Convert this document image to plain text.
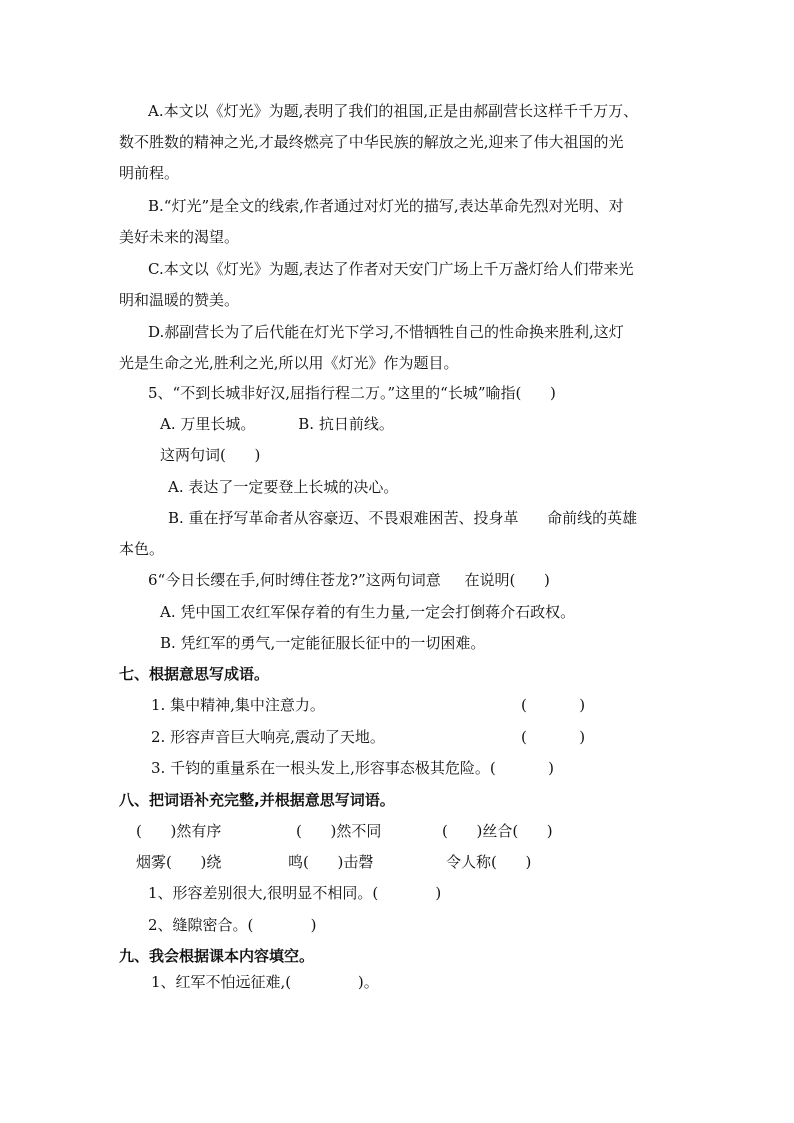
A.本文以《灯光》为题,表明了我们的祖国,正是由郝副营长这样千千万万、
数不胜数的精神之光,才最终燃亮了中华民族的解放之光,迎来了伟大祖国的光
明前程。
B.“灯光”是全文的线索,作者通过对灯光的描写,表达革命先烈对光明、对
美好未来的渴望。
C.本文以《灯光》为题,表达了作者对天安门广场上千万盏灯给人们带来光
明和温暖的赞美。
D.郝副营长为了后代能在灯光下学习,不惜牺牲自己的性命换来胜利,这灯
光是生命之光,胜利之光,所以用《灯光》作为题目。
5、“不到长城非好汉,屈指行程二万。”这里的“长城”喻指(      )
A. 万里长城。         B. 抗日前线。
这两句词(      )
A. 表达了一定要登上长城的决心。
B. 重在抒写革命者从容豪迈、不畏艰难困苦、投身革      命前线的英雄
本色。
6“今日长缨在手,何时缚住苍龙?”这两句词意     在说明(      )
A. 凭中国工农红军保存着的有生力量,一定会打倒蒋介石政权。
B. 凭红军的勇气,一定能征服长征中的一切困难。
七、根据意思写成语。
1. 集中精神,集中注意力。	(           )
2. 形容声音巨大响亮,震动了天地。	(           )
3. 千钧的重量系在一根头发上,形容事态极其危险。(           )
八、把词语补充完整,并根据意思写词语。
(      )然有序	(      )然不同	(      )丝合(      )
烟雾(      )绕	鸣(      )击磬	令人称(      )
1、形容差别很大,很明显不相同。(            )
2、缝隙密合。(            )
九、我会根据课本内容填空。
1、红军不怕远征难,(              )。
